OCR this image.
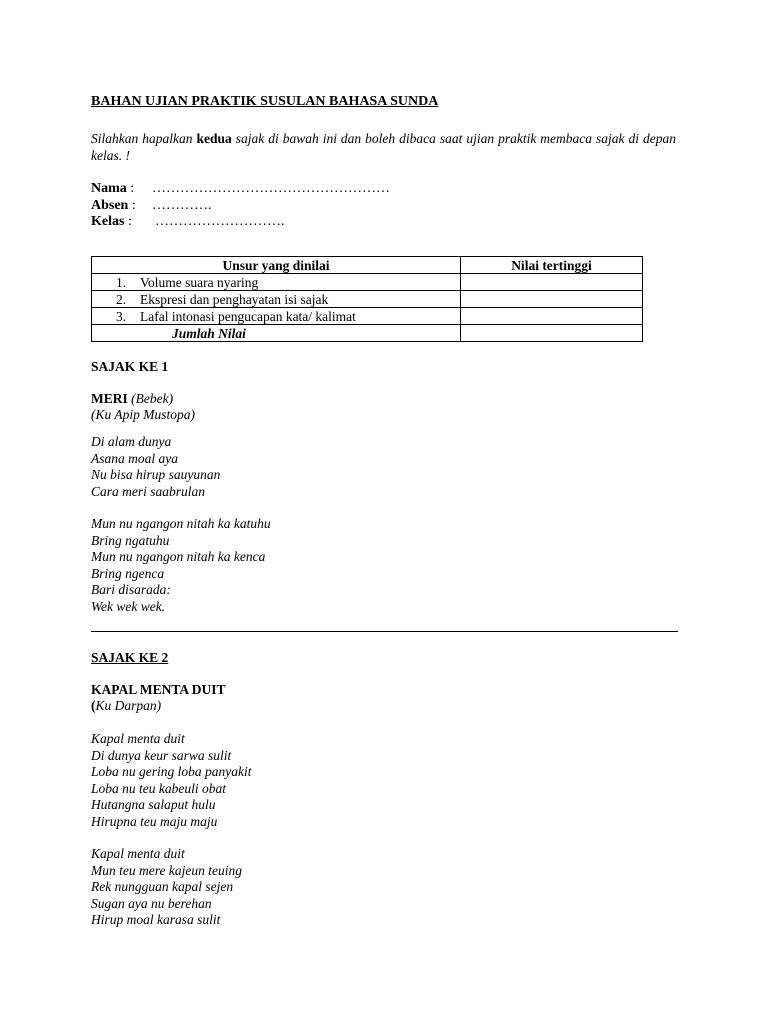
BAHAN UJIAN PRAKTIK SUSULAN BAHASA SUNDA
Silahkan hapalkan kedua sajak di bawah ini dan boleh dibaca saat ujian praktik membaca sajak di depan kelas. !
Nama : ……………………………………………
Absen : ………….
Kelas : ……………………….
Unsur yang dinilai	Nilai tertinggi
1. Volume suara nyaring	
2. Ekspresi dan penghayatan isi sajak	
3. Lafal intonasi pengucapan kata/ kalimat	
Jumlah Nilai	
SAJAK KE 1
MERI (Bebek)
(Ku Apip Mustopa)
Di alam dunya
Asana moal aya
Nu bisa hirup sauyunan
Cara meri saabrulan
Mun nu ngangon nitah ka katuhu
Bring ngatuhu
Mun nu ngangon nitah ka kenca
Bring ngenca
Bari disarada:
Wek wek wek.
SAJAK KE 2
KAPAL MENTA DUIT
(Ku Darpan)
Kapal menta duit
Di dunya keur sarwa sulit
Loba nu gering loba panyakit
Loba nu teu kabeuli obat
Hutangna salaput hulu
Hirupna teu maju maju
Kapal menta duit
Mun teu mere kajeun teuing
Rek nungguan kapal sejen
Sugan aya nu berehan
Hirup moal karasa sulit
